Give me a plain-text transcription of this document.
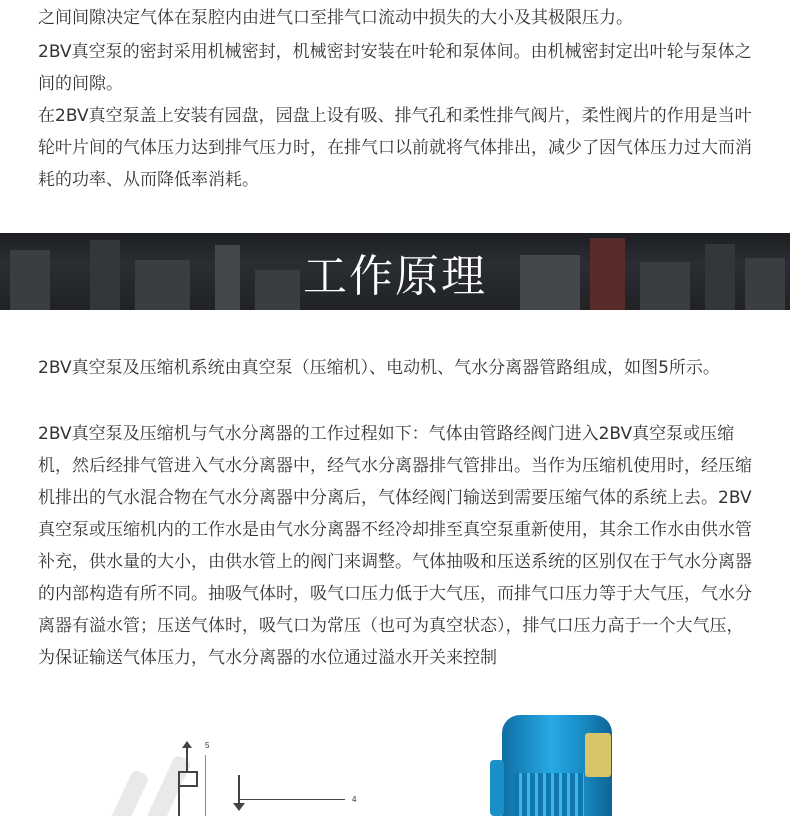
之间间隙决定气体在泵腔内由进气口至排气口流动中损失的大小及其极限压力。

2BV真空泵的密封采用机械密封，机械密封安装在叶轮和泵体间。由机械密封定出叶轮与泵体之间的间隙。

在2BV真空泵盖上安装有园盘，园盘上设有吸、排气孔和柔性排气阀片，柔性阀片的作用是当叶轮叶片间的气体压力达到排气压力时，在排气口以前就将气体排出，减少了因气体压力过大而消耗的功率、从而降低率消耗。

工作原理

2BV真空泵及压缩机系统由真空泵（压缩机）、电动机、气水分离器管路组成，如图5所示。

2BV真空泵及压缩机与气水分离器的工作过程如下：气体由管路经阀门进入2BV真空泵或压缩机，然后经排气管进入气水分离器中，经气水分离器排气管排出。当作为压缩机使用时，经压缩机排出的气水混合物在气水分离器中分离后，气体经阀门输送到需要压缩气体的系统上去。2BV真空泵或压缩机内的工作水是由气水分离器不经冷却排至真空泵重新使用，其余工作水由供水管补充，供水量的大小，由供水管上的阀门来调整。气体抽吸和压送系统的区别仅在于气水分离器的内部构造有所不同。抽吸气体时，吸气口压力低于大气压，而排气口压力等于大气压，气水分离器有溢水管；压送气体时，吸气口为常压（也可为真空状态），排气口压力高于一个大气压，为保证输送气体压力，气水分离器的水位通过溢水开关来控制

5
4
